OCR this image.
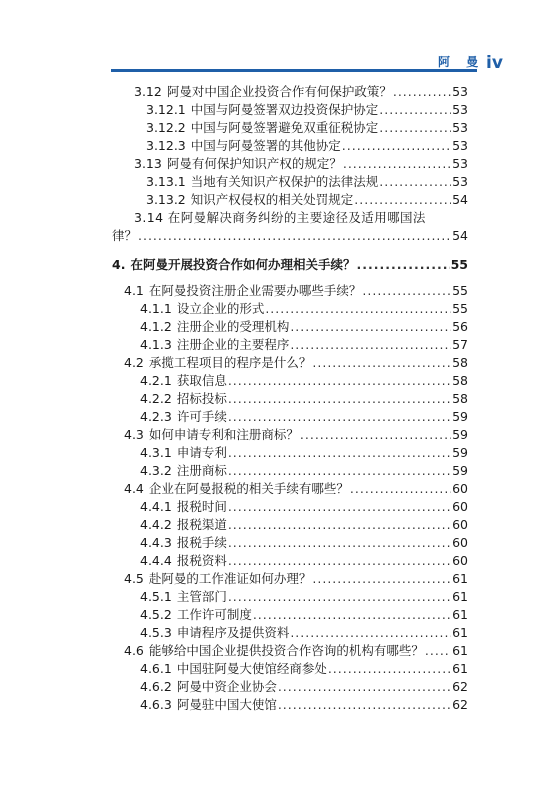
阿 曼 iv
3.12 阿曼对中国企业投资合作有何保护政策？ .....	53
3.12.1 中国与阿曼签署双边投资保护协定 .....	53
3.12.2 中国与阿曼签署避免双重征税协定 .....	53
3.12.3 中国与阿曼签署的其他协定 .....	53
3.13 阿曼有何保护知识产权的规定？ .....	53
3.13.1 当地有关知识产权保护的法律法规 .....	53
3.13.2 知识产权侵权的相关处罚规定 .....	54
3.14 在阿曼解决商务纠纷的主要途径及适用哪国法
律？ .....	54
4. 在阿曼开展投资合作如何办理相关手续？ .....	55
4.1 在阿曼投资注册企业需要办哪些手续？ .....	55
4.1.1 设立企业的形式 .....	55
4.1.2 注册企业的受理机构 .....	56
4.1.3 注册企业的主要程序 .....	57
4.2 承揽工程项目的程序是什么？ .....	58
4.2.1 获取信息 .....	58
4.2.2 招标投标 .....	58
4.2.3 许可手续 .....	59
4.3 如何申请专利和注册商标？ .....	59
4.3.1 申请专利 .....	59
4.3.2 注册商标 .....	59
4.4 企业在阿曼报税的相关手续有哪些？ .....	60
4.4.1 报税时间 .....	60
4.4.2 报税渠道 .....	60
4.4.3 报税手续 .....	60
4.4.4 报税资料 .....	60
4.5 赴阿曼的工作准证如何办理？ .....	61
4.5.1 主管部门 .....	61
4.5.2 工作许可制度 .....	61
4.5.3 申请程序及提供资料 .....	61
4.6 能够给中国企业提供投资合作咨询的机构有哪些？ ..... 61
4.6.1 中国驻阿曼大使馆经商参处 .....	61
4.6.2 阿曼中资企业协会 .....	62
4.6.3 阿曼驻中国大使馆 .....	62
